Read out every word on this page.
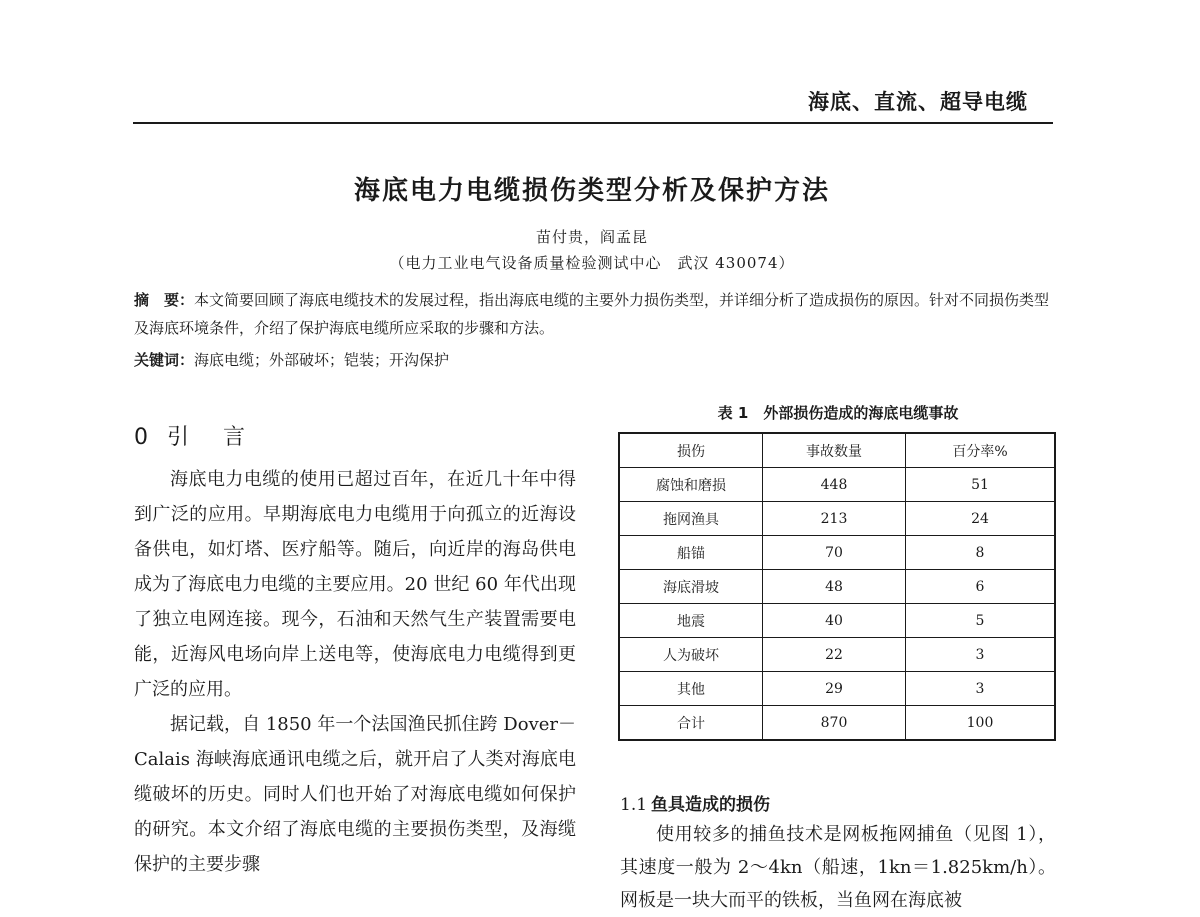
海底、直流、超导电缆
海底电力电缆损伤类型分析及保护方法
苗付贵，阎孟昆
（电力工业电气设备质量检验测试中心　武汉 430074）
摘　要：本文简要回顾了海底电缆技术的发展过程，指出海底电缆的主要外力损伤类型，并详细分析了造成损伤的原因。针对不同损伤类型及海底环境条件，介绍了保护海底电缆所应采取的步骤和方法。
关键词：海底电缆；外部破坏；铠装；开沟保护
0 引　言

海底电力电缆的使用已超过百年，在近几十年中得到广泛的应用。早期海底电力电缆用于向孤立的近海设备供电，如灯塔、医疗船等。随后，向近岸的海岛供电成为了海底电力电缆的主要应用。20 世纪 60 年代出现了独立电网连接。现今，石油和天然气生产装置需要电能，近海风电场向岸上送电等，使海底电力电缆得到更广泛的应用。

据记载，自 1850 年一个法国渔民抓住跨 Dover－Calais 海峡海底通讯电缆之后，就开启了人类对海底电缆破坏的历史。同时人们也开始了对海底电缆如何保护的研究。本文介绍了海底电缆的主要损伤类型，及海缆保护的主要步骤

表 1　外部损伤造成的海底电缆事故
损伤	事故数量	百分率%
腐蚀和磨损	448	51
拖网渔具	213	24
船锚	70	8
海底滑坡	48	6
地震	40	5
人为破坏	22	3
其他	29	3
合计	870	100
1.1 鱼具造成的损伤

使用较多的捕鱼技术是网板拖网捕鱼（见图 1），其速度一般为 2～4kn（船速，1kn＝1.825km/h）。网板是一块大而平的铁板，当鱼网在海底被
